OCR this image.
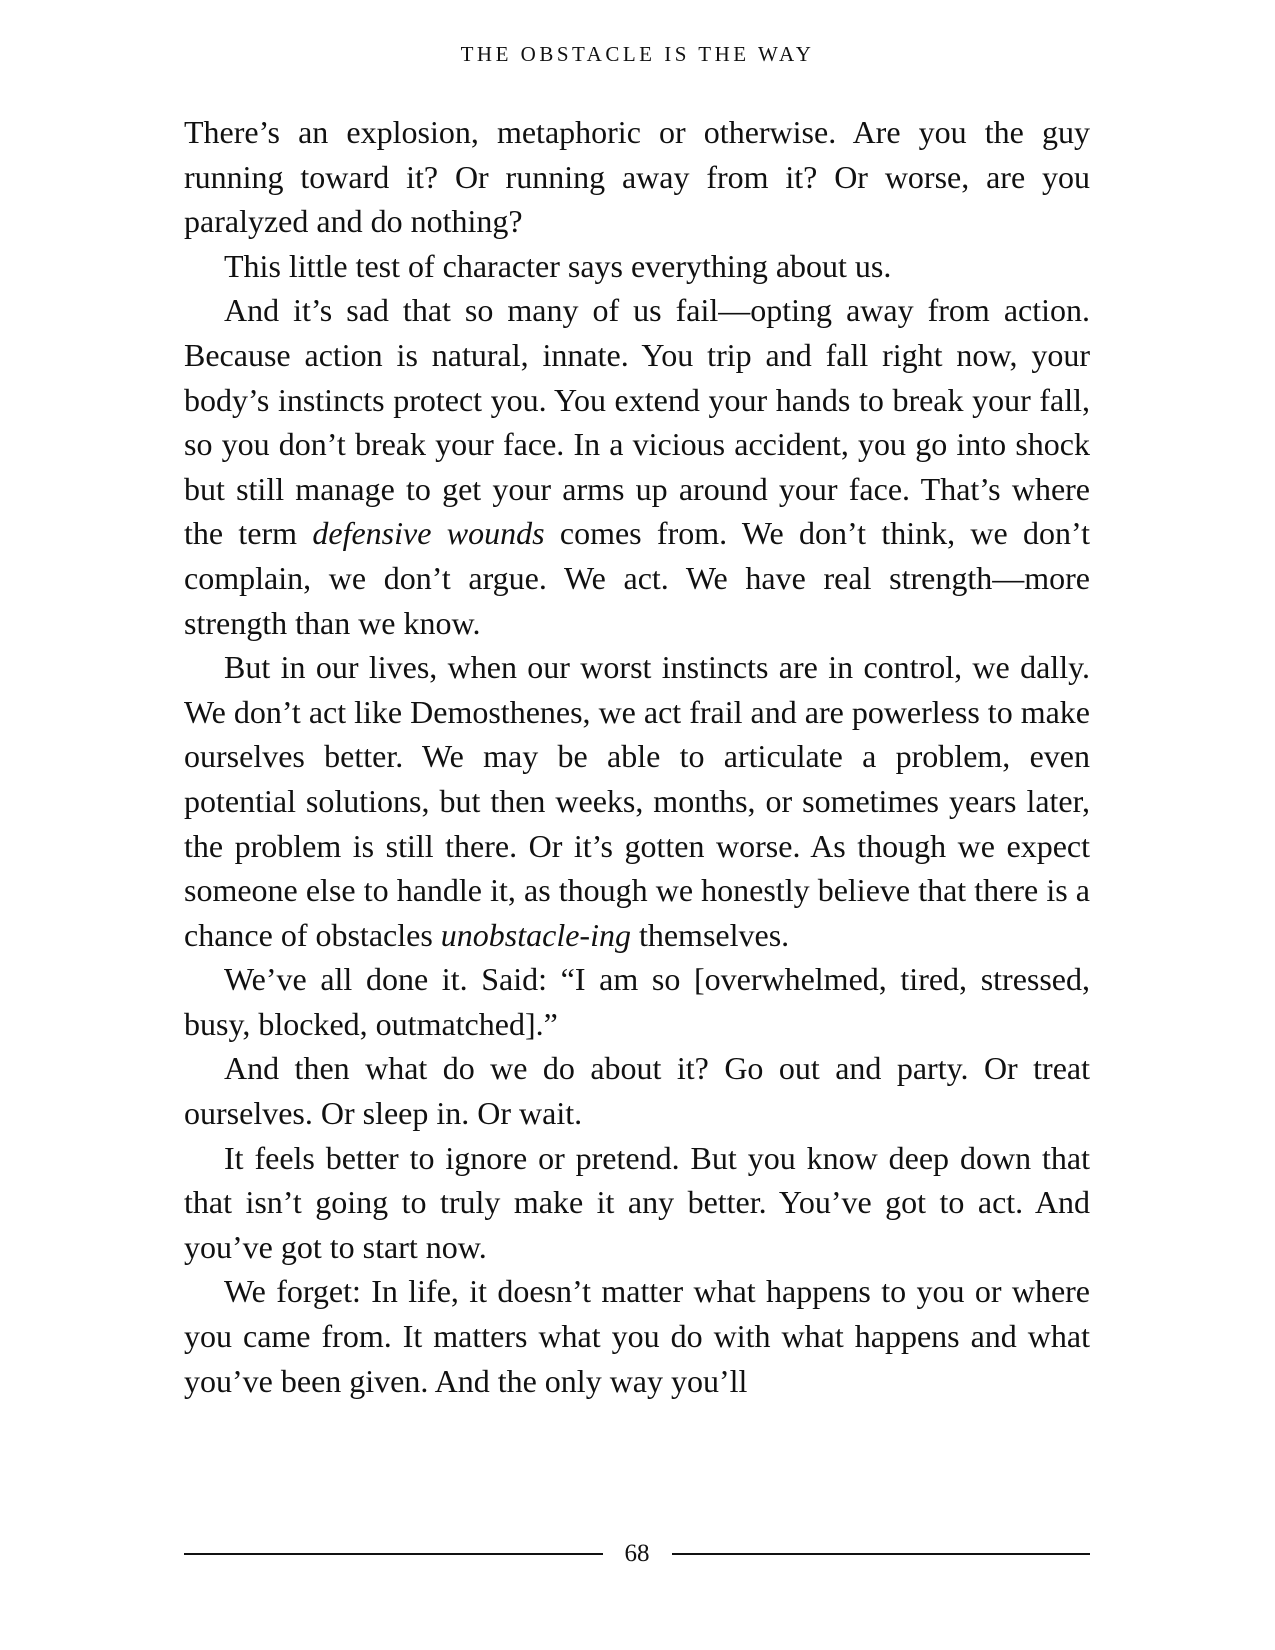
THE OBSTACLE IS THE WAY

There’s an explosion, metaphoric or otherwise. Are you the guy running toward it? Or running away from it? Or worse, are you paralyzed and do nothing?

This little test of character says everything about us.

And it’s sad that so many of us fail—opting away from action. Because action is natural, innate. You trip and fall right now, your body’s instincts protect you. You extend your hands to break your fall, so you don’t break your face. In a vicious accident, you go into shock but still manage to get your arms up around your face. That’s where the term defensive wounds comes from. We don’t think, we don’t complain, we don’t argue. We act. We have real strength—more strength than we know.

But in our lives, when our worst instincts are in control, we dally. We don’t act like Demosthenes, we act frail and are powerless to make ourselves better. We may be able to articulate a problem, even potential solutions, but then weeks, months, or sometimes years later, the problem is still there. Or it’s gotten worse. As though we expect someone else to handle it, as though we honestly believe that there is a chance of obstacles unobstacle-ing themselves.

We’ve all done it. Said: “I am so [overwhelmed, tired, stressed, busy, blocked, outmatched].”

And then what do we do about it? Go out and party. Or treat ourselves. Or sleep in. Or wait.

It feels better to ignore or pretend. But you know deep down that that isn’t going to truly make it any better. You’ve got to act. And you’ve got to start now.

We forget: In life, it doesn’t matter what happens to you or where you came from. It matters what you do with what happens and what you’ve been given. And the only way you’ll

68
